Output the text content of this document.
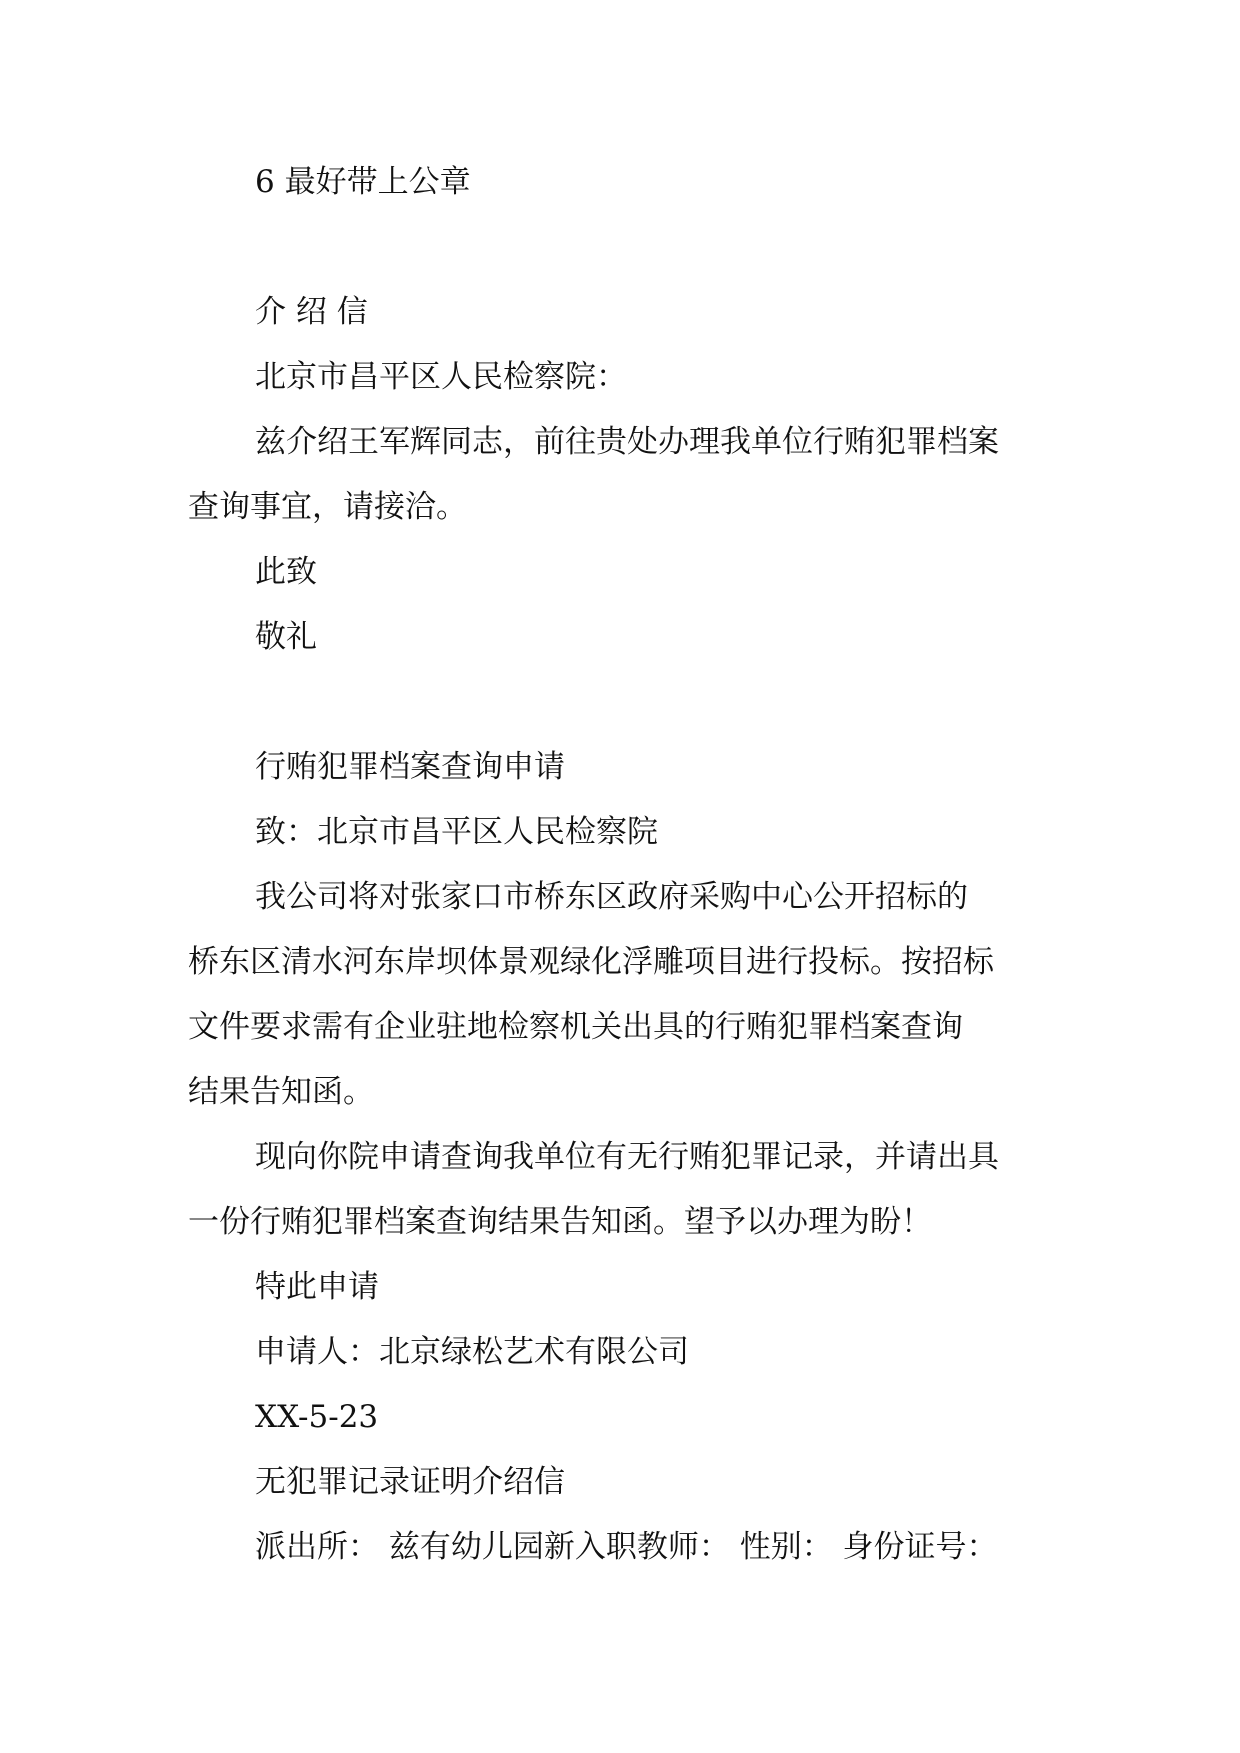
6 最好带上公章

介 绍 信

北京市昌平区人民检察院：

兹介绍王军辉同志，前往贵处办理我单位行贿犯罪档案

查询事宜，请接洽。

此致

敬礼

行贿犯罪档案查询申请

致：北京市昌平区人民检察院

我公司将对张家口市桥东区政府采购中心公开招标的

桥东区清水河东岸坝体景观绿化浮雕项目进行投标。按招标

文件要求需有企业驻地检察机关出具的行贿犯罪档案查询

结果告知函。

现向你院申请查询我单位有无行贿犯罪记录，并请出具

一份行贿犯罪档案查询结果告知函。望予以办理为盼！

特此申请

申请人：北京绿松艺术有限公司

XX-5-23

无犯罪记录证明介绍信

派出所： 兹有幼儿园新入职教师： 性别： 身份证号：
